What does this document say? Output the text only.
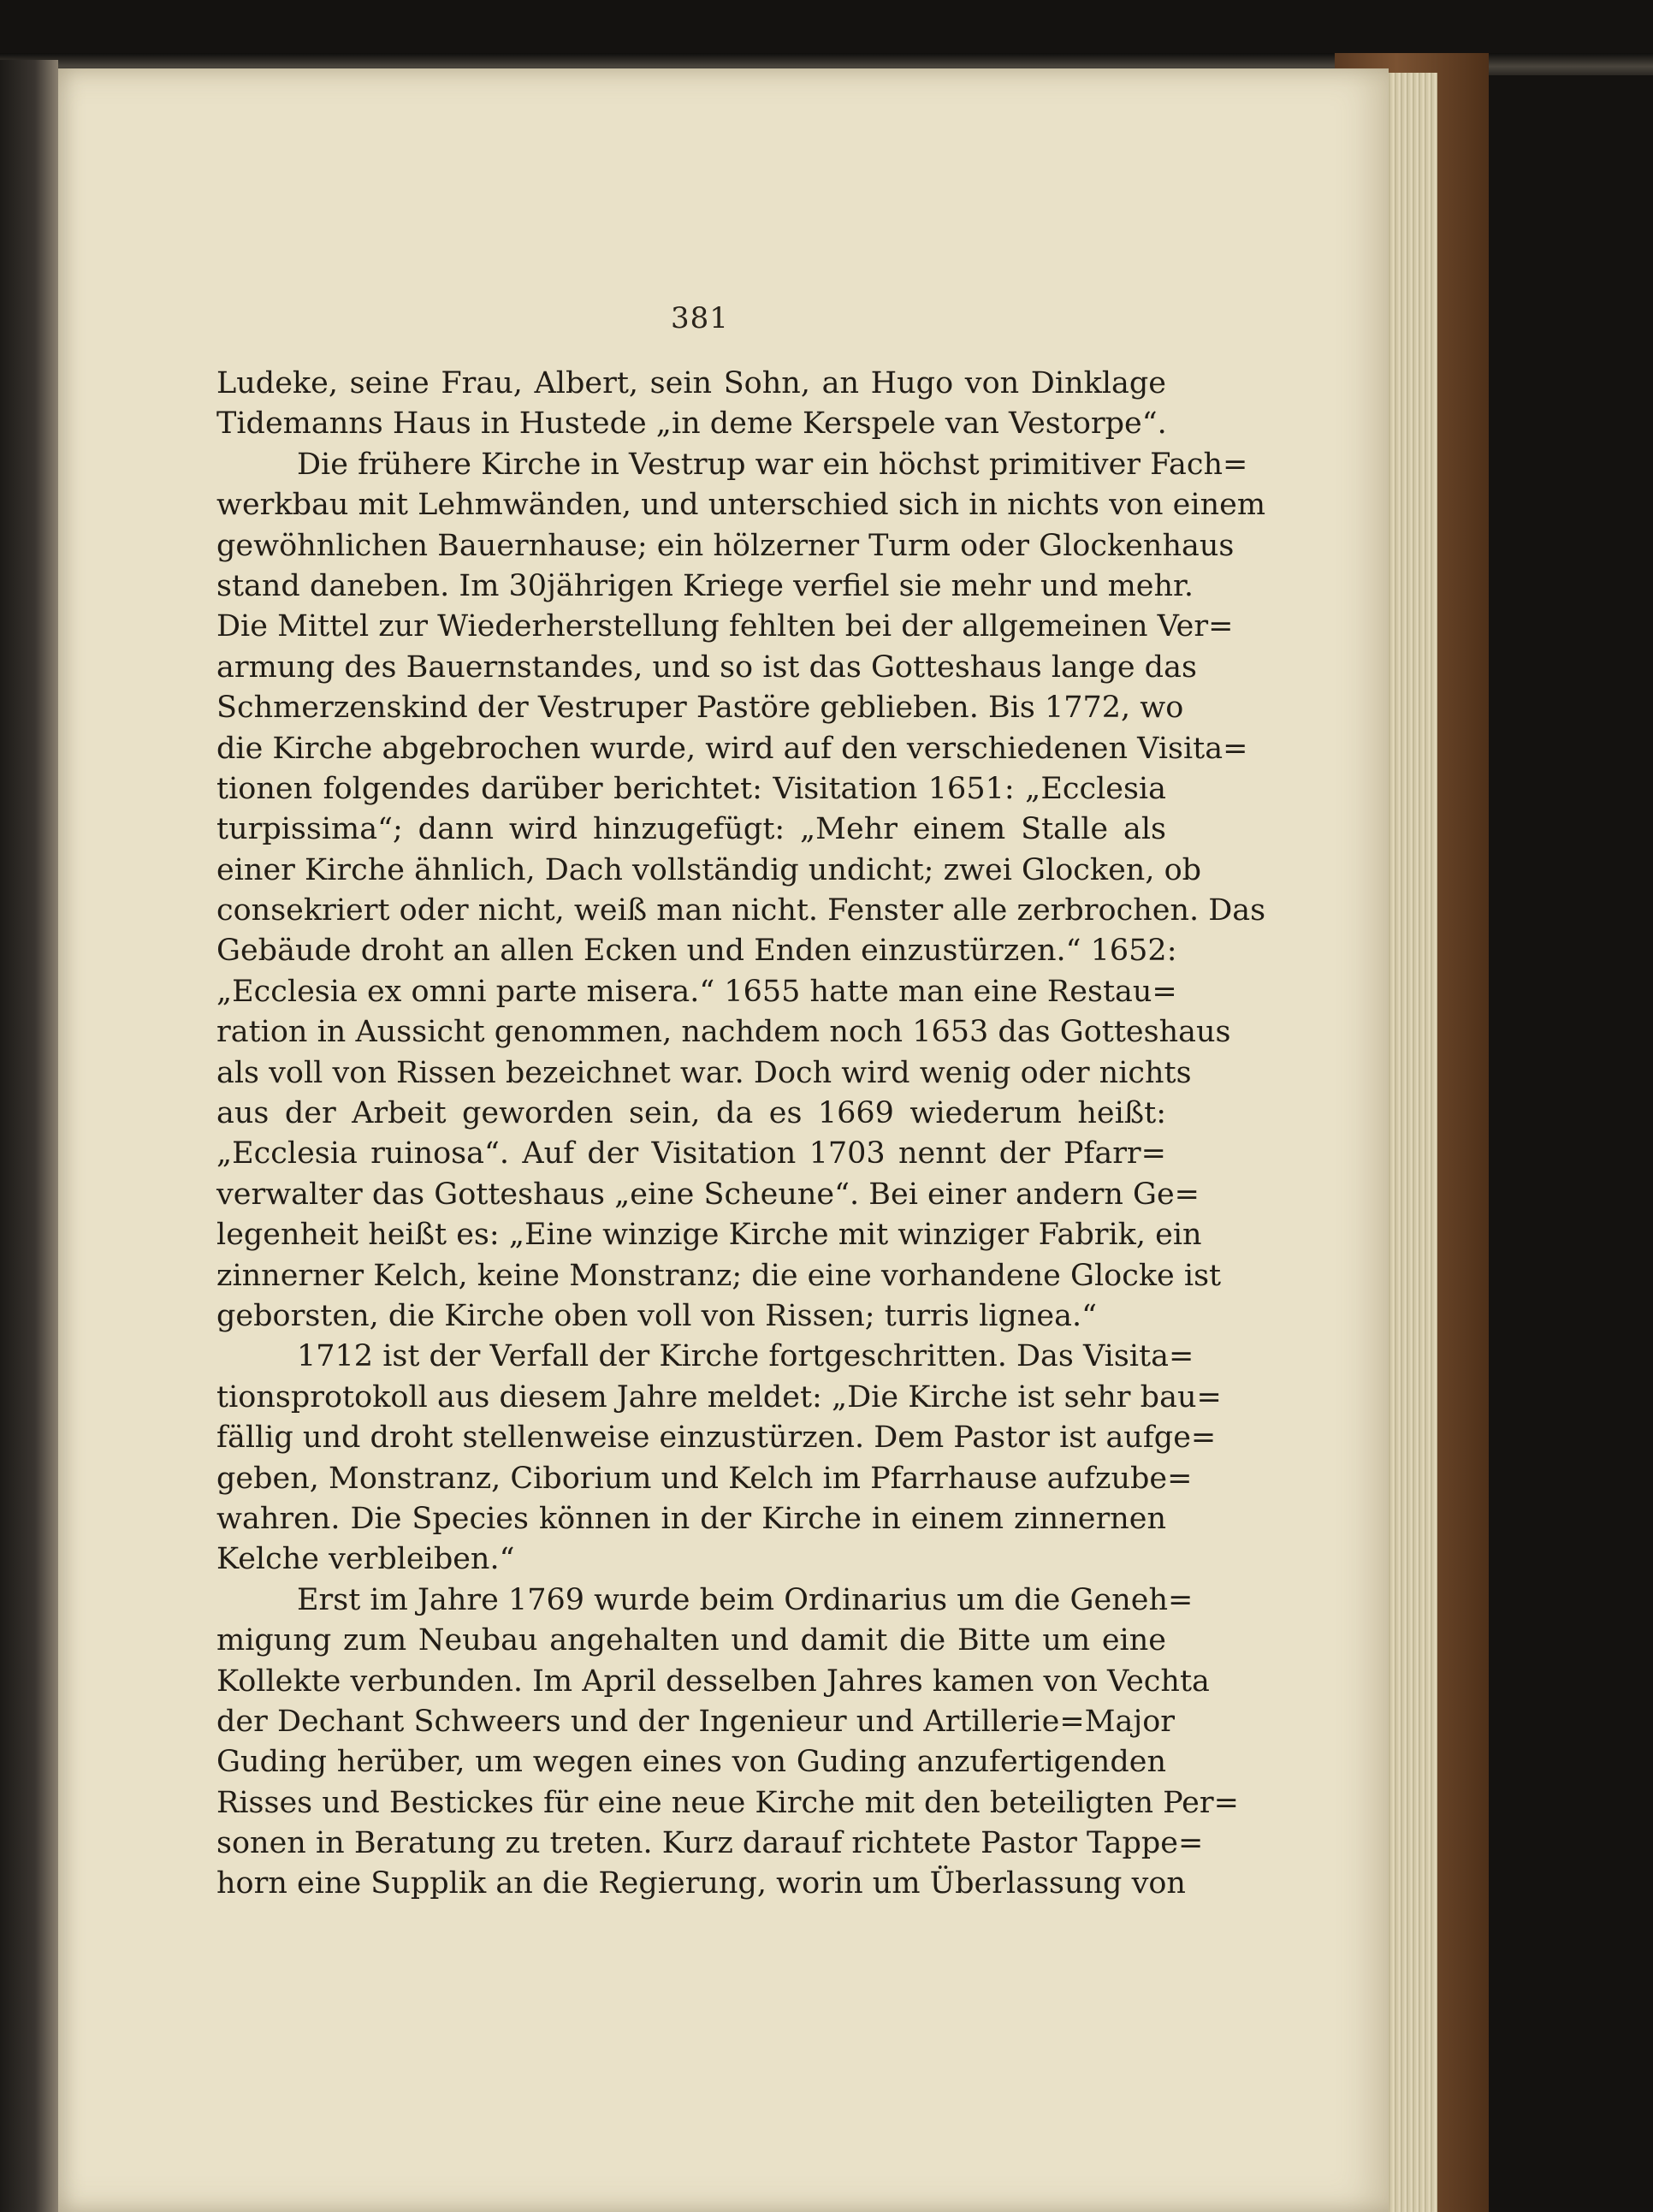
381
Ludeke, seine Frau, Albert, sein Sohn, an Hugo von Dinklage
Tidemanns Haus in Hustede „in deme Kerspele van Vestorpe“.
Die frühere Kirche in Vestrup war ein höchst primitiver Fach=
werkbau mit Lehmwänden, und unterschied sich in nichts von einem
gewöhnlichen Bauernhause; ein hölzerner Turm oder Glockenhaus
stand daneben. Im 30jährigen Kriege verfiel sie mehr und mehr.
Die Mittel zur Wiederherstellung fehlten bei der allgemeinen Ver=
armung des Bauernstandes, und so ist das Gotteshaus lange das
Schmerzenskind der Vestruper Pastöre geblieben. Bis 1772, wo
die Kirche abgebrochen wurde, wird auf den verschiedenen Visita=
tionen folgendes darüber berichtet: Visitation 1651: „Ecclesia
turpissima“; dann wird hinzugefügt: „Mehr einem Stalle als
einer Kirche ähnlich, Dach vollständig undicht; zwei Glocken, ob
consekriert oder nicht, weiß man nicht. Fenster alle zerbrochen. Das
Gebäude droht an allen Ecken und Enden einzustürzen.“ 1652:
„Ecclesia ex omni parte misera.“ 1655 hatte man eine Restau=
ration in Aussicht genommen, nachdem noch 1653 das Gotteshaus
als voll von Rissen bezeichnet war. Doch wird wenig oder nichts
aus der Arbeit geworden sein, da es 1669 wiederum heißt:
„Ecclesia ruinosa“. Auf der Visitation 1703 nennt der Pfarr=
verwalter das Gotteshaus „eine Scheune“. Bei einer andern Ge=
legenheit heißt es: „Eine winzige Kirche mit winziger Fabrik, ein
zinnerner Kelch, keine Monstranz; die eine vorhandene Glocke ist
geborsten, die Kirche oben voll von Rissen; turris lignea.“
1712 ist der Verfall der Kirche fortgeschritten. Das Visita=
tionsprotokoll aus diesem Jahre meldet: „Die Kirche ist sehr bau=
fällig und droht stellenweise einzustürzen. Dem Pastor ist aufge=
geben, Monstranz, Ciborium und Kelch im Pfarrhause aufzube=
wahren. Die Species können in der Kirche in einem zinnernen
Kelche verbleiben.“
Erst im Jahre 1769 wurde beim Ordinarius um die Geneh=
migung zum Neubau angehalten und damit die Bitte um eine
Kollekte verbunden. Im April desselben Jahres kamen von Vechta
der Dechant Schweers und der Ingenieur und Artillerie=Major
Guding herüber, um wegen eines von Guding anzufertigenden
Risses und Bestickes für eine neue Kirche mit den beteiligten Per=
sonen in Beratung zu treten. Kurz darauf richtete Pastor Tappe=
horn eine Supplik an die Regierung, worin um Überlassung von
